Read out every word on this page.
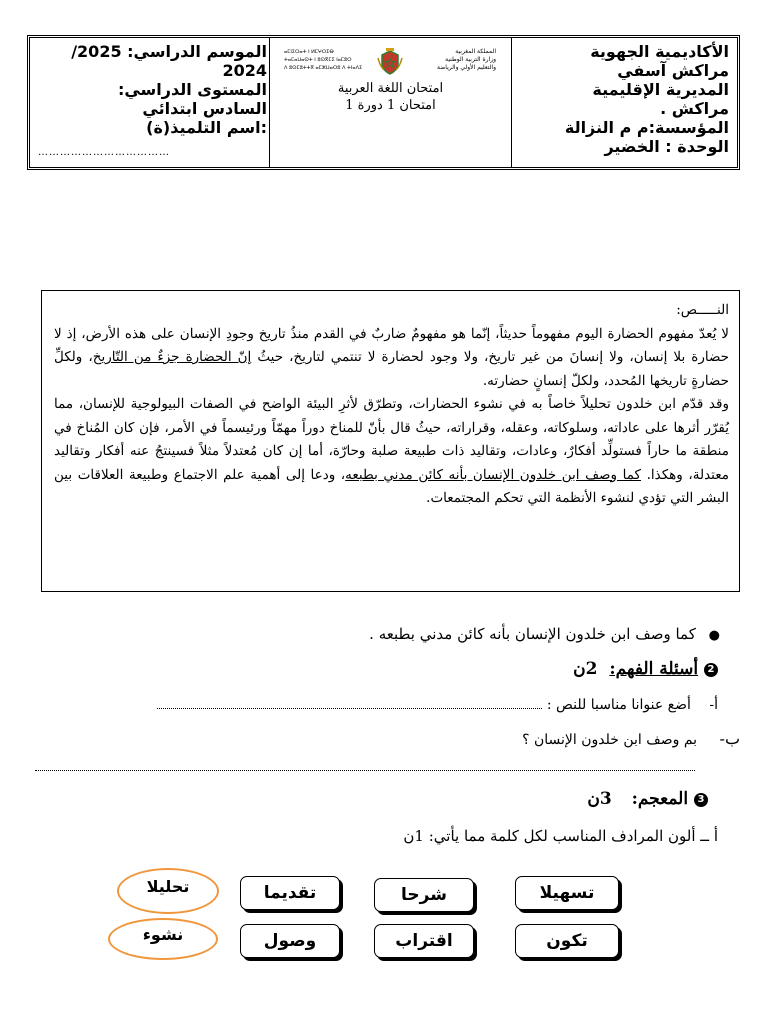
الأكاديمية الجهوية
مراكش آسفي
المديرية الإقليمية
مراكش .
المؤسسة:م م النزالة
الوحدة : الخضير
ⴰⵎⵏⵉⵔⴰⵜ ⵏ ⵍⵎⵖⵔⵉⴱ
ⵜⴰⵎⴰⵡⴰⵙⵜ ⵏ ⵓⵙⴳⵎⵉ ⵏⴰⵎⵓⵔ
ⴷ ⵓⵙⵎⵓⵜⵜⴳ ⴰⵎⵣⵡⴰⵔⵓ ⴷ ⵜⵏⴰⴷⵉ
المملكة المغربية
وزارة التربية الوطنية
والتعليم الأولي والرياضة
امتحان اللغة العربية
امتحان 1 دورة 1
الموسم الدراسي: 2025/ 2024
المستوى الدراسي:
السادس ابتدائي
:اسم التلميذ(ة)
………………………………

النـــــص:

لا يُعدّ مفهوم الحضارة اليوم مفهوماً حديثاً، إنّما هو مفهومٌ ضاربٌ في القدم منذُ تاريخ وجودِ الإنسان على هذه الأرض، إذ لا حضارة بلا إنسان، ولا إنسانَ من غير تاريخ، ولا وجود لحضارة لا تنتمي لتاريخ، حيثُ إنّ الحضارة جزءٌ من التّاريخ، ولكلِّ حضارةٍ تاريخها المُحدد، ولكلّ إنسانٍ حضارته.

وقد قدّم ابن خلدون تحليلاً خاصاً به في نشوء الحضارات، وتطرّق لأثرِ البيئة الواضح في الصفات البيولوجية للإنسان، مما يُقرّر أثرها على عاداته، وسلوكاته، وعقله، وقراراته، حيثُ قال بأنّ للمناخ دوراً مهمّاً ورئيسماً في الأمر، فإن كان المُناخ في منطقة ما حاراً فستولِّد أفكارٌ، وعادات، وتقاليد ذات طبيعة صلبة وحارّة، أما إن كان مُعتدلاً مثلاً فسينتجُ عنه أفكار وتقاليد معتدلة، وهكذا. كما وصف ابن خلدون الإنسان بأنه كائن مدني بطبعه، ودعا إلى أهمية علم الاجتماع وطبيعة العلاقات بين البشر التي تؤدي لنشوء الأنظمة التي تحكم المجتمعات.

● كما وصف ابن خلدون الإنسان بأنه كائن مدني بطبعه .
2 أسئلة الفهم: 2ن
أ- أضع عنوانا مناسبا للنص :
ب- بم وصف ابن خلدون الإنسان ؟
3 المعجم: 3ن
أ ــ ألون المرادف المناسب لكل كلمة مما يأتي: 1ن
تسهيلا
شرحا
تقديما
تحليلا
تكون
اقتراب
وصول
نشوء
